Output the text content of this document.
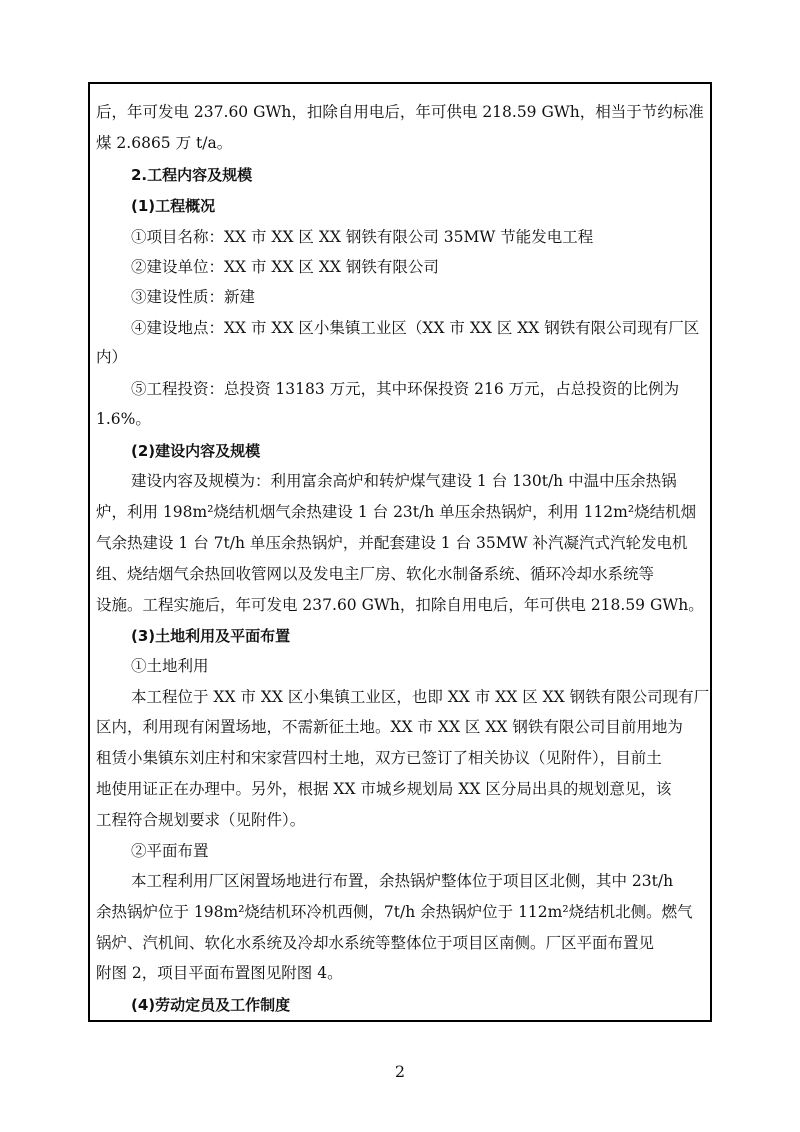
后，年可发电 237.60 GWh，扣除自用电后，年可供电 218.59 GWh，相当于节约标准
煤 2.6865 万 t/a。
2.工程内容及规模
(1)工程概况
①项目名称：XX 市 XX 区 XX 钢铁有限公司 35MW 节能发电工程
②建设单位：XX 市 XX 区 XX 钢铁有限公司
③建设性质：新建
④建设地点：XX 市 XX 区小集镇工业区（XX 市 XX 区 XX 钢铁有限公司现有厂区
内）
⑤工程投资：总投资 13183 万元，其中环保投资 216 万元，占总投资的比例为
1.6%。
(2)建设内容及规模
建设内容及规模为：利用富余高炉和转炉煤气建设 1 台 130t/h 中温中压余热锅
炉，利用 198m²烧结机烟气余热建设 1 台 23t/h 单压余热锅炉，利用 112m²烧结机烟
气余热建设 1 台 7t/h 单压余热锅炉，并配套建设 1 台 35MW 补汽凝汽式汽轮发电机
组、烧结烟气余热回收管网以及发电主厂房、软化水制备系统、循环冷却水系统等
设施。工程实施后，年可发电 237.60 GWh，扣除自用电后，年可供电 218.59 GWh。
(3)土地利用及平面布置
①土地利用
本工程位于 XX 市 XX 区小集镇工业区，也即 XX 市 XX 区 XX 钢铁有限公司现有厂
区内，利用现有闲置场地，不需新征土地。XX 市 XX 区 XX 钢铁有限公司目前用地为
租赁小集镇东刘庄村和宋家营四村土地，双方已签订了相关协议（见附件），目前土
地使用证正在办理中。另外，根据 XX 市城乡规划局 XX 区分局出具的规划意见，该
工程符合规划要求（见附件）。
②平面布置
本工程利用厂区闲置场地进行布置，余热锅炉整体位于项目区北侧，其中 23t/h
余热锅炉位于 198m²烧结机环冷机西侧，7t/h 余热锅炉位于 112m²烧结机北侧。燃气
锅炉、汽机间、软化水系统及冷却水系统等整体位于项目区南侧。厂区平面布置见
附图 2，项目平面布置图见附图 4。
(4)劳动定员及工作制度
2
